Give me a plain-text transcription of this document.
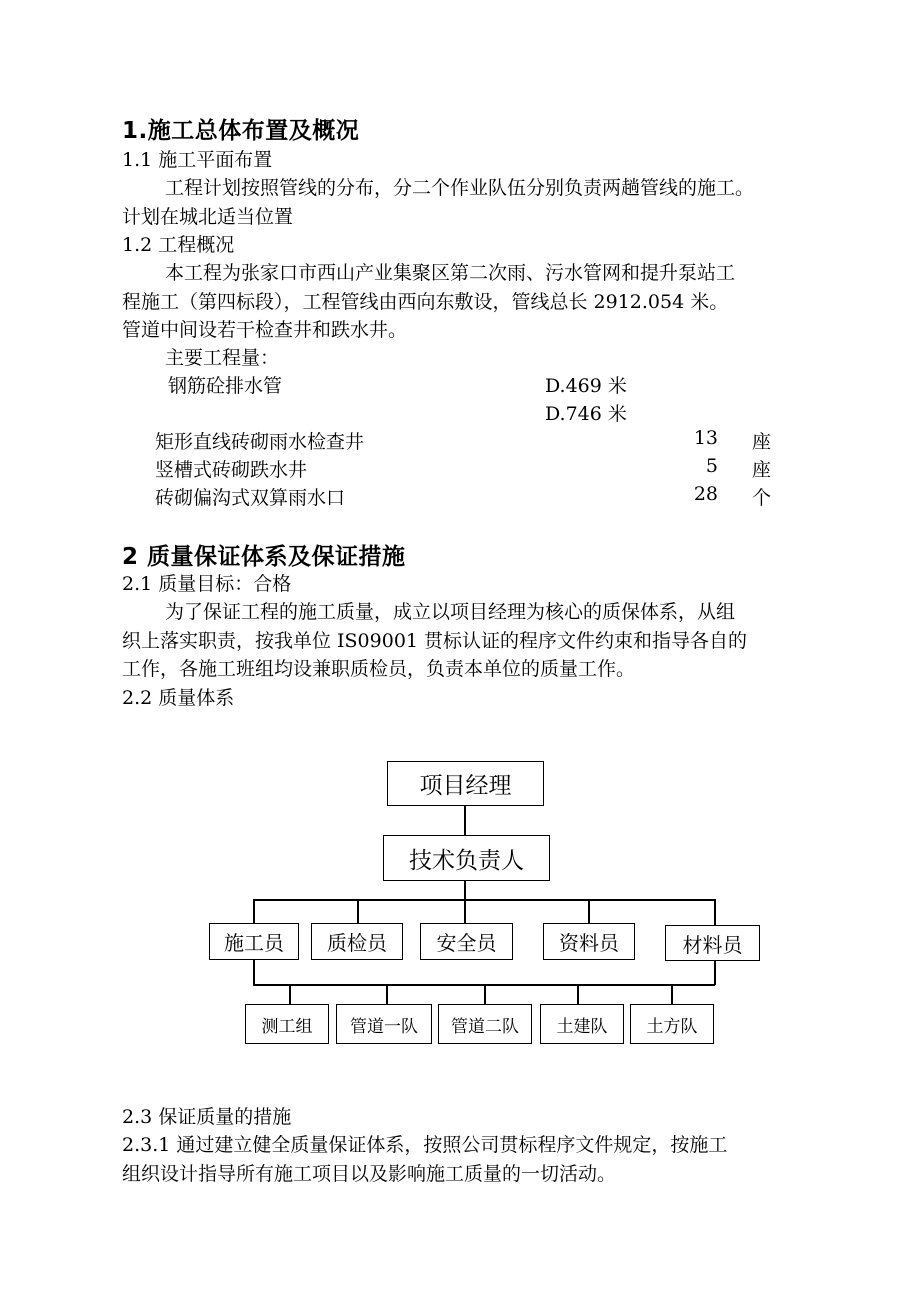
1.施工总体布置及概况
1.1 施工平面布置
工程计划按照管线的分布，分二个作业队伍分别负责两趟管线的施工。
计划在城北适当位置
1.2 工程概况
本工程为张家口市西山产业集聚区第二次雨、污水管网和提升泵站工
程施工（第四标段），工程管线由西向东敷设，管线总长 2912.054 米。
管道中间设若干检查井和跌水井。
主要工程量：
钢筋砼排水管	D.469 米
D.746 米
矩形直线砖砌雨水检查井	13 座
竖槽式砖砌跌水井	5 座
砖砌偏沟式双算雨水口	28 个
2 质量保证体系及保证措施
2.1 质量目标：合格
为了保证工程的施工质量，成立以项目经理为核心的质保体系，从组
织上落实职责，按我单位 IS09001 贯标认证的程序文件约束和指导各自的
工作，各施工班组均设兼职质检员，负责本单位的质量工作。
2.2 质量体系
项目经理
技术负责人
施工员	质检员	安全员	资料员	材料员
测工组	管道一队	管道二队	土建队	土方队
2.3 保证质量的措施
2.3.1 通过建立健全质量保证体系，按照公司贯标程序文件规定，按施工
组织设计指导所有施工项目以及影响施工质量的一切活动。
